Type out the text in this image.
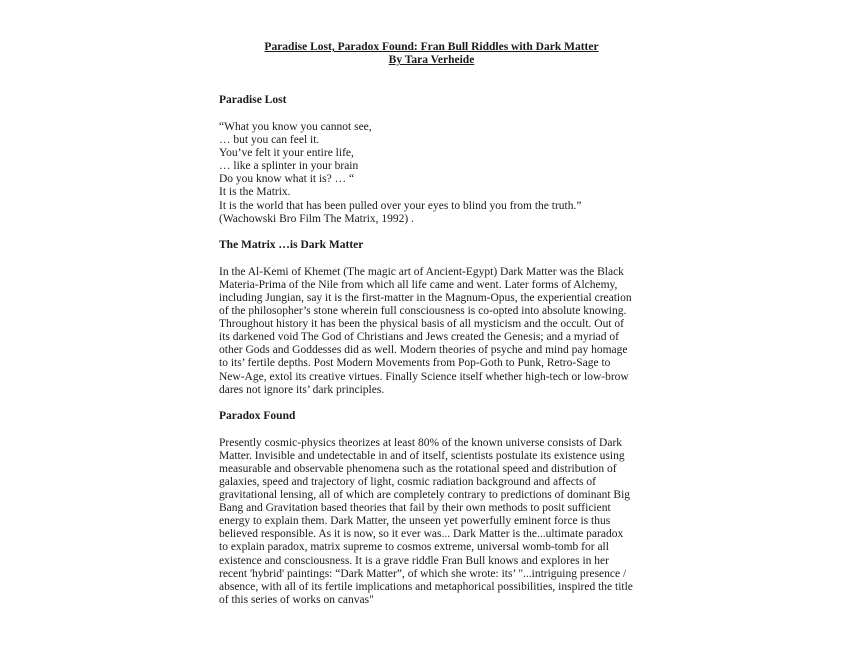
Paradise Lost, Paradox Found: Fran Bull Riddles with Dark Matter
By Tara Verheide
Paradise Lost
“What you know you cannot see,
… but you can feel it.
You’ve felt it your entire life,
… like a splinter in your brain
Do you know what it is? … “
It is the Matrix.
It is the world that has been pulled over your eyes to blind you from the truth.”
(Wachowski Bro Film The Matrix, 1992) .
The Matrix …is Dark Matter

In the Al-Kemi of Khemet (The magic art of Ancient-Egypt) Dark Matter was the Black
Materia-Prima of the Nile from which all life came and went. Later forms of Alchemy,
including Jungian, say it is the first-matter in the Magnum-Opus, the experiential creation
of the philosopher’s stone wherein full consciousness is co-opted into absolute knowing.
Throughout history it has been the physical basis of all mysticism and the occult. Out of
its darkened void The God of Christians and Jews created the Genesis; and a myriad of
other Gods and Goddesses did as well. Modern theories of psyche and mind pay homage
to its’ fertile depths. Post Modern Movements from Pop-Goth to Punk, Retro-Sage to
New-Age, extol its creative virtues. Finally Science itself whether high-tech or low-brow
dares not ignore its’ dark principles.

Paradox Found

Presently cosmic-physics theorizes at least 80% of the known universe consists of Dark
Matter. Invisible and undetectable in and of itself, scientists postulate its existence using
measurable and observable phenomena such as the rotational speed and distribution of
galaxies, speed and trajectory of light, cosmic radiation background and affects of
gravitational lensing, all of which are completely contrary to predictions of dominant Big
Bang and Gravitation based theories that fail by their own methods to posit sufficient
energy to explain them. Dark Matter, the unseen yet powerfully eminent force is thus
believed responsible. As it is now, so it ever was... Dark Matter is the...ultimate paradox
to explain paradox, matrix supreme to cosmos extreme, universal womb-tomb for all
existence and consciousness. It is a grave riddle Fran Bull knows and explores in her
recent 'hybrid' paintings: “Dark Matter”, of which she wrote: its’ "...intriguing presence /
absence, with all of its fertile implications and metaphorical possibilities, inspired the title
of this series of works on canvas"
